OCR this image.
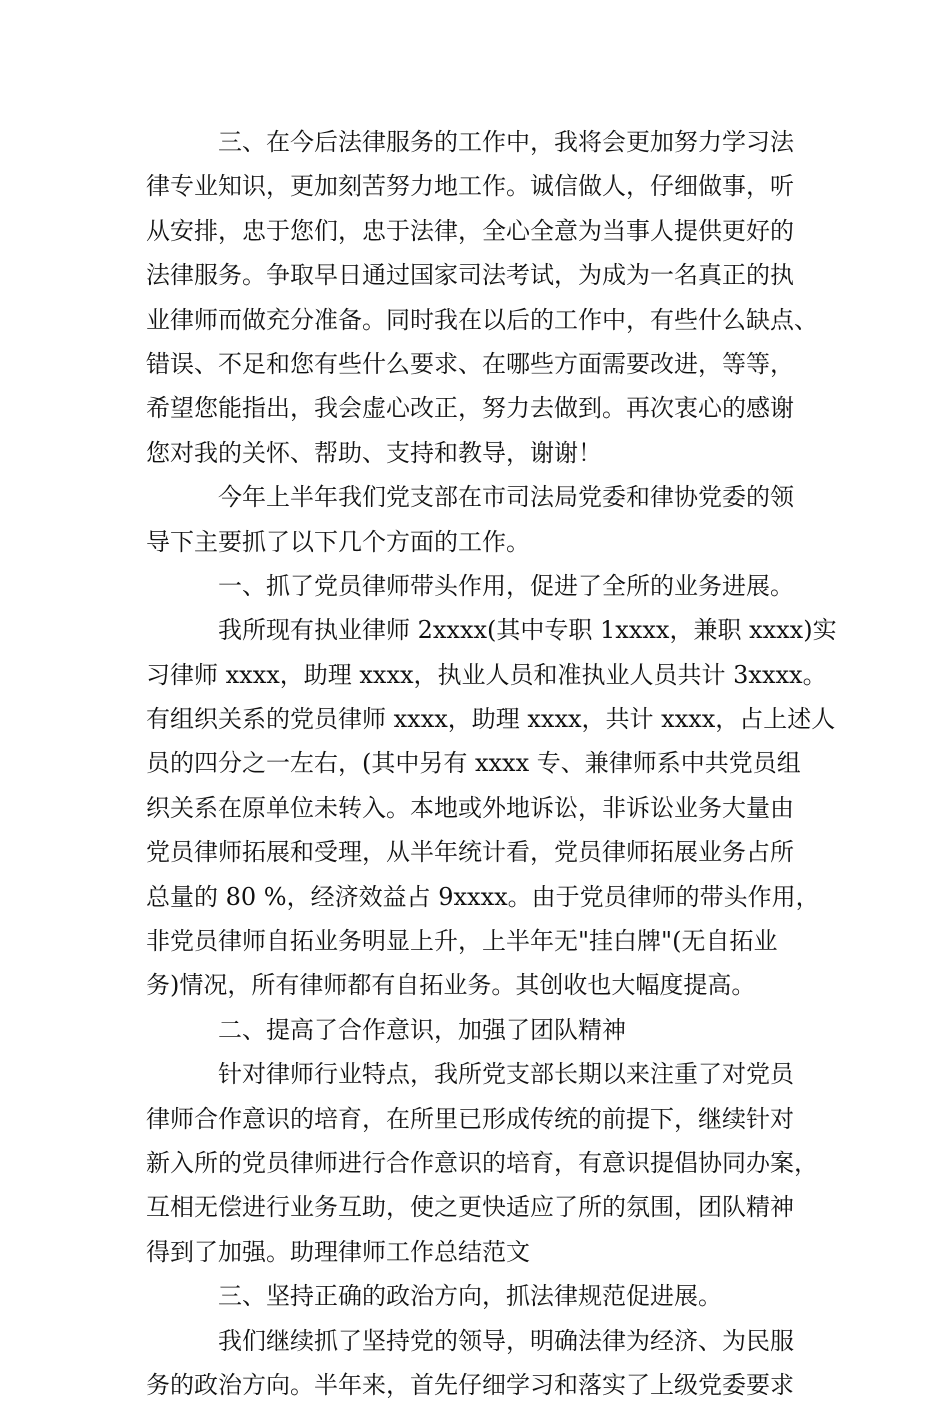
三、在今后法律服务的工作中，我将会更加努力学习法
律专业知识，更加刻苦努力地工作。诚信做人，仔细做事，听
从安排，忠于您们，忠于法律，全心全意为当事人提供更好的
法律服务。争取早日通过国家司法考试，为成为一名真正的执
业律师而做充分准备。同时我在以后的工作中，有些什么缺点、
错误、不足和您有些什么要求、在哪些方面需要改进，等等，
希望您能指出，我会虚心改正，努力去做到。再次衷心的感谢
您对我的关怀、帮助、支持和教导，谢谢！
今年上半年我们党支部在市司法局党委和律协党委的领
导下主要抓了以下几个方面的工作。
一、抓了党员律师带头作用，促进了全所的业务进展。
我所现有执业律师 2xxxx(其中专职 1xxxx，兼职 xxxx)实
习律师 xxxx，助理 xxxx，执业人员和准执业人员共计 3xxxx。
有组织关系的党员律师 xxxx，助理 xxxx，共计 xxxx，占上述人
员的四分之一左右，(其中另有 xxxx 专、兼律师系中共党员组
织关系在原单位未转入。本地或外地诉讼，非诉讼业务大量由
党员律师拓展和受理，从半年统计看，党员律师拓展业务占所
总量的 80 %，经济效益占 9xxxx。由于党员律师的带头作用，
非党员律师自拓业务明显上升，上半年无"挂白牌"(无自拓业
务)情况，所有律师都有自拓业务。其创收也大幅度提高。
二、提高了合作意识，加强了团队精神
针对律师行业特点，我所党支部长期以来注重了对党员
律师合作意识的培育，在所里已形成传统的前提下，继续针对
新入所的党员律师进行合作意识的培育，有意识提倡协同办案，
互相无偿进行业务互助，使之更快适应了所的氛围，团队精神
得到了加强。助理律师工作总结范文
三、坚持正确的政治方向，抓法律规范促进展。
我们继续抓了坚持党的领导，明确法律为经济、为民服
务的政治方向。半年来，首先仔细学习和落实了上级党委要求
